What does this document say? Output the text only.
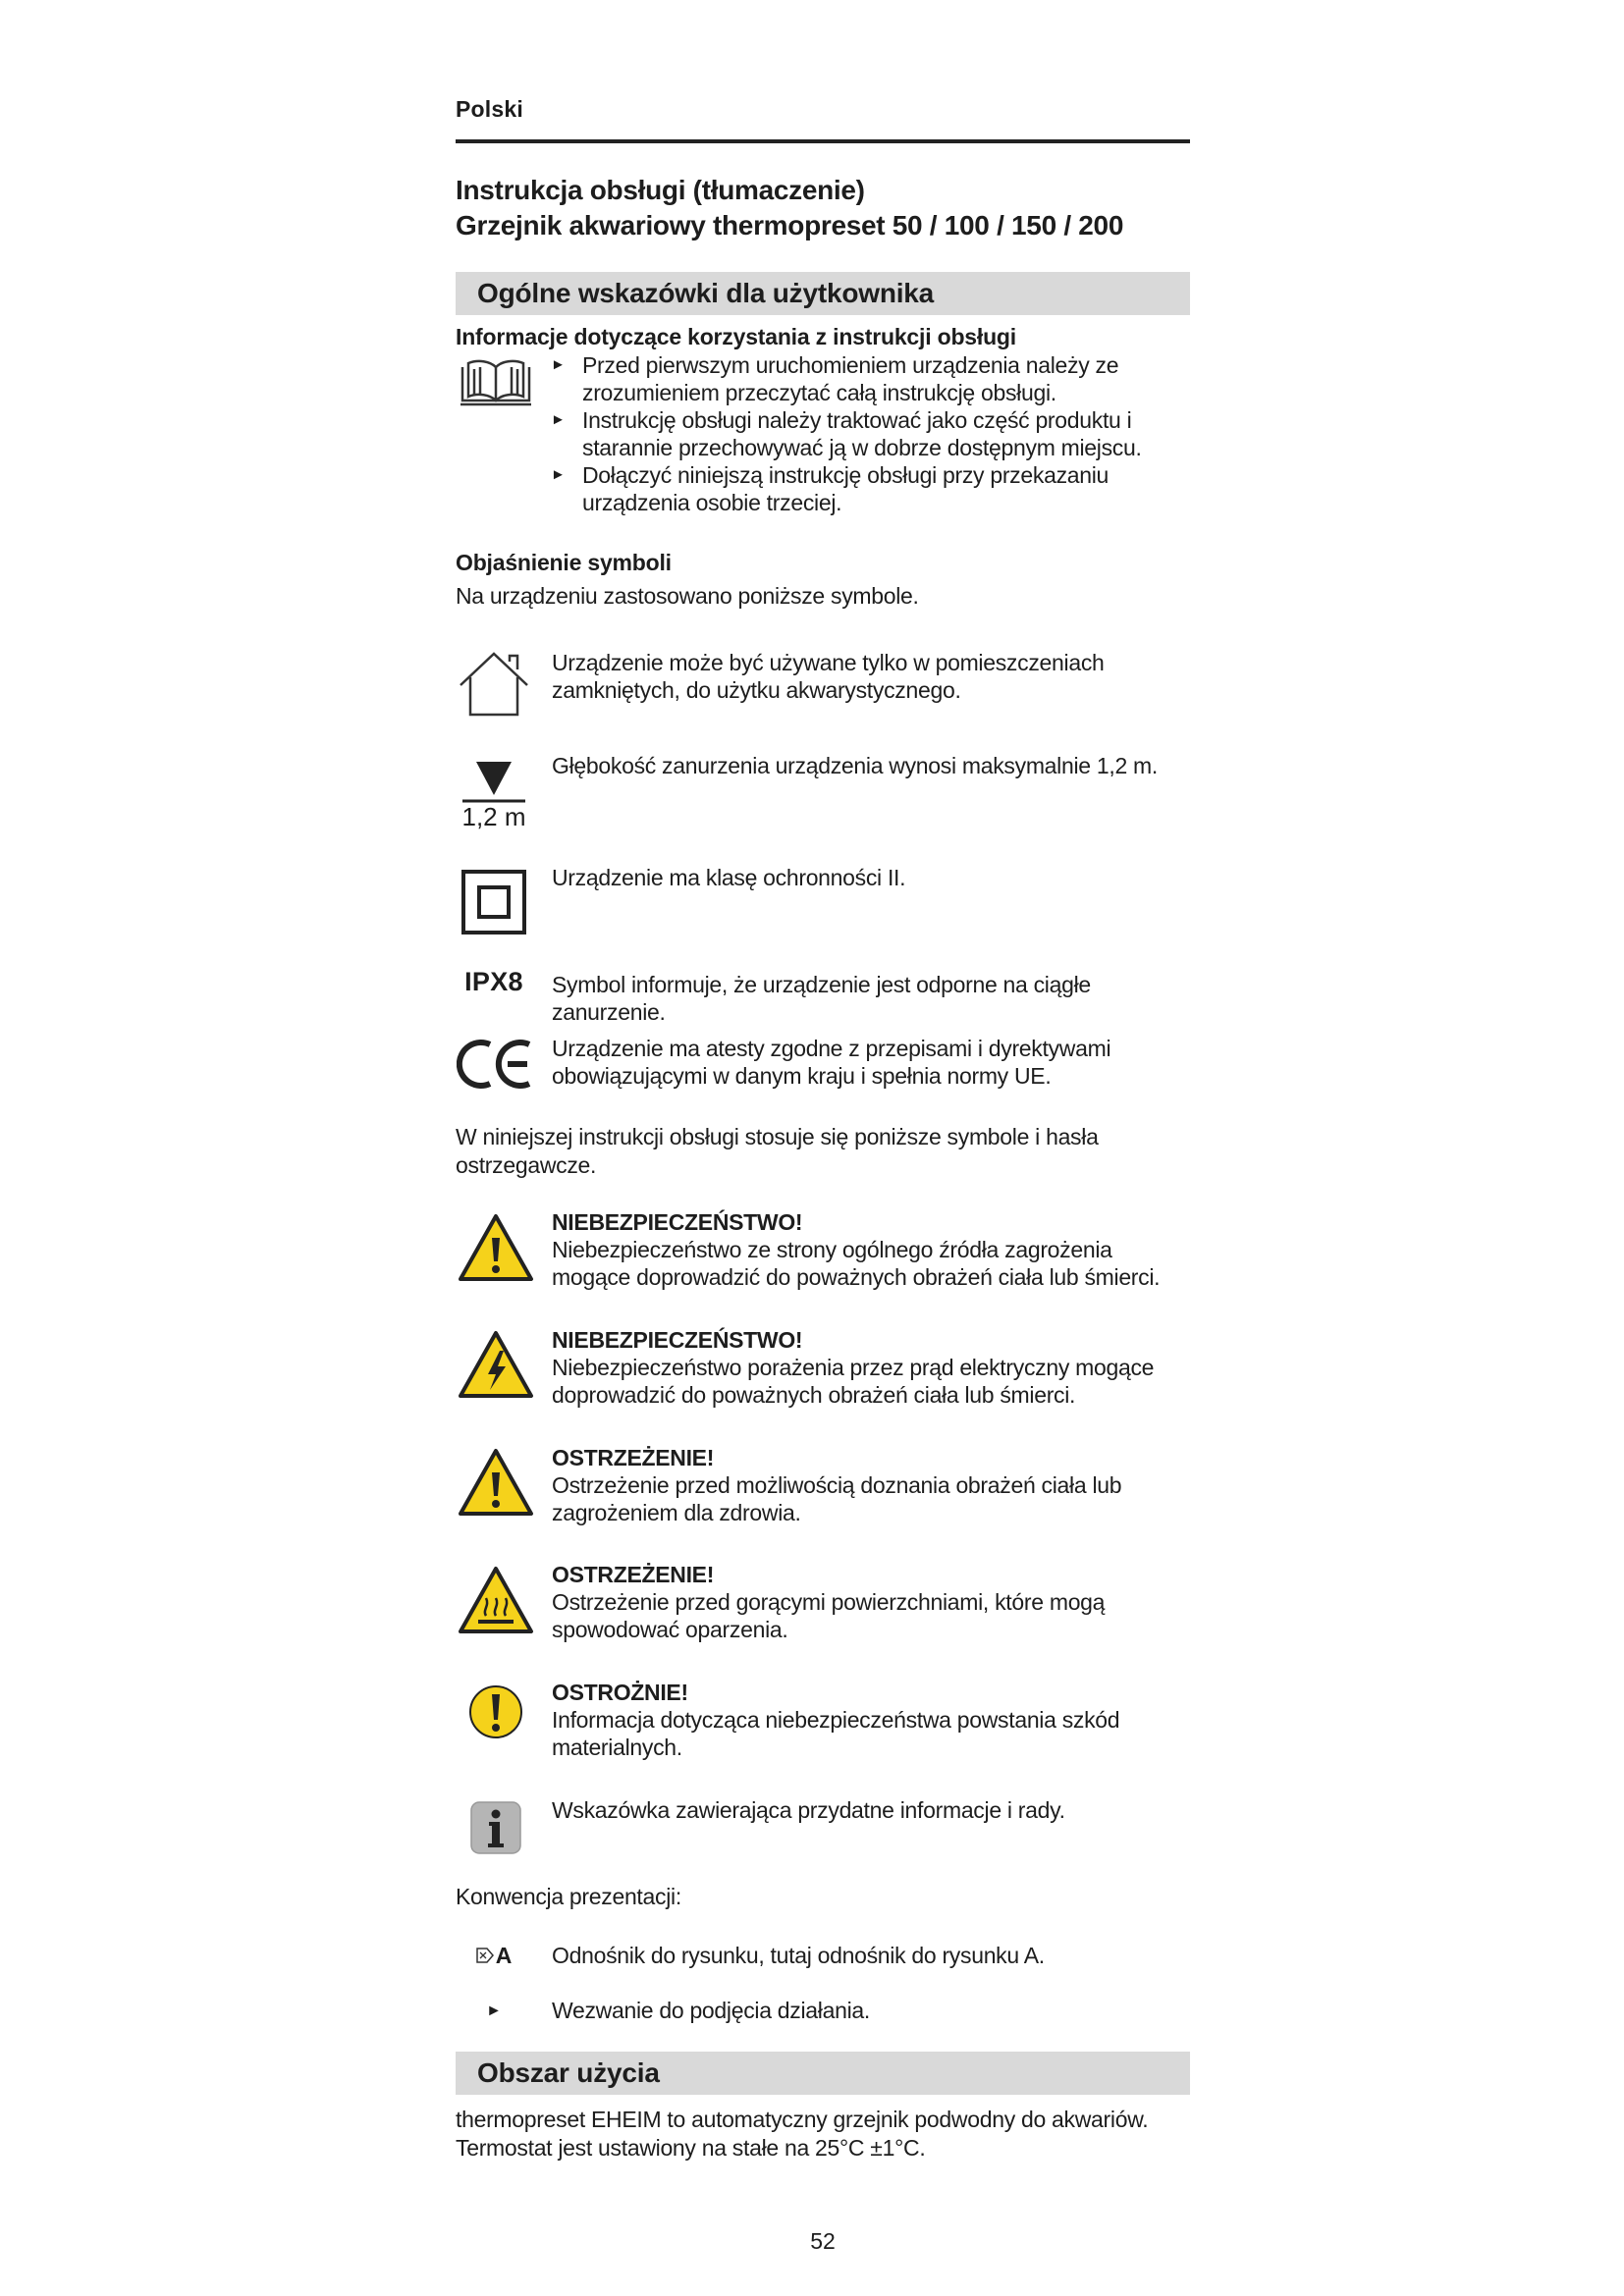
Polski
Instrukcja obsługi (tłumaczenie)
Grzejnik akwariowy thermopreset 50 / 100 / 150 / 200
Ogólne wskazówki dla użytkownika
Informacje dotyczące korzystania z instrukcji obsługi
► Przed pierwszym uruchomieniem urządzenia należy ze zrozumieniem przeczytać całą instrukcję obsługi.
► Instrukcję obsługi należy traktować jako część produktu i starannie przechowywać ją w dobrze dostępnym miejscu.
► Dołączyć niniejszą instrukcję obsługi przy przekazaniu urządzenia osobie trzeciej.
Objaśnienie symboli
Na urządzeniu zastosowano poniższe symbole.
Urządzenie może być używane tylko w pomieszczeniach zamkniętych, do użytku akwarystycznego.
1,2 m
Głębokość zanurzenia urządzenia wynosi maksymalnie 1,2 m.
Urządzenie ma klasę ochronności II.
IPX8	Symbol informuje, że urządzenie jest odporne na ciągłe zanurzenie.
Urządzenie ma atesty zgodne z przepisami i dyrektywami obowiązującymi w danym kraju i spełnia normy UE.
W niniejszej instrukcji obsługi stosuje się poniższe symbole i hasła ostrzegawcze.
NIEBEZPIECZEŃSTWO!
Niebezpieczeństwo ze strony ogólnego źródła zagrożenia mogące doprowadzić do poważnych obrażeń ciała lub śmierci.
NIEBEZPIECZEŃSTWO!
Niebezpieczeństwo porażenia przez prąd elektryczny mogące doprowadzić do poważnych obrażeń ciała lub śmierci.
OSTRZEŻENIE!
Ostrzeżenie przed możliwością doznania obrażeń ciała lub zagrożeniem dla zdrowia.
OSTRZEŻENIE!
Ostrzeżenie przed gorącymi powierzchniami, które mogą spowodować oparzenia.
OSTROŻNIE!
Informacja dotycząca niebezpieczeństwa powstania szkód materialnych.
Wskazówka zawierająca przydatne informacje i rady.
Konwencja prezentacji:
A Odnośnik do rysunku, tutaj odnośnik do rysunku A.
►	Wezwanie do podjęcia działania.
Obszar użycia
thermopreset EHEIM to automatyczny grzejnik podwodny do akwariów. Termostat jest ustawiony na stałe na 25°C ±1°C.
52
